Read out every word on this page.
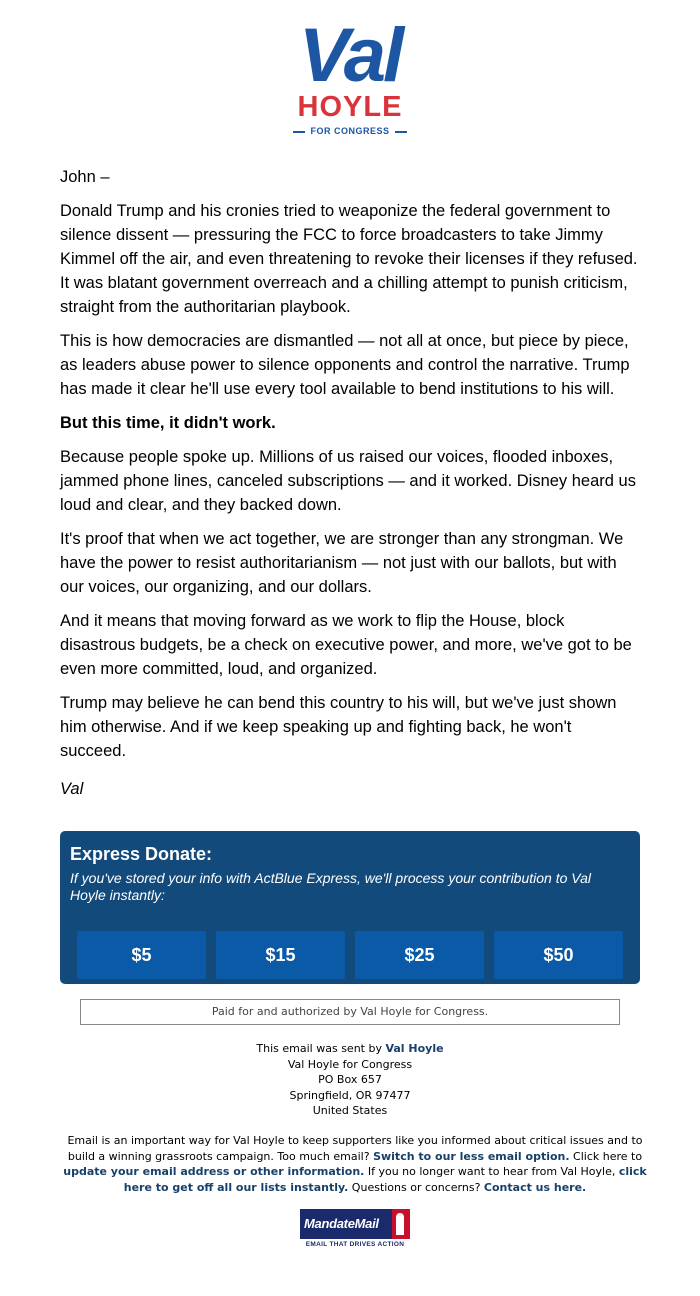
Val
HOYLE
FOR CONGRESS

John –

Donald Trump and his cronies tried to weaponize the federal government to silence dissent — pressuring the FCC to force broadcasters to take Jimmy Kimmel off the air, and even threatening to revoke their licenses if they refused. It was blatant government overreach and a chilling attempt to punish criticism, straight from the authoritarian playbook.

This is how democracies are dismantled — not all at once, but piece by piece, as leaders abuse power to silence opponents and control the narrative. Trump has made it clear he'll use every tool available to bend institutions to his will.

But this time, it didn't work.

Because people spoke up. Millions of us raised our voices, flooded inboxes, jammed phone lines, canceled subscriptions — and it worked. Disney heard us loud and clear, and they backed down.

It's proof that when we act together, we are stronger than any strongman. We have the power to resist authoritarianism — not just with our ballots, but with our voices, our organizing, and our dollars.

And it means that moving forward as we work to flip the House, block disastrous budgets, be a check on executive power, and more, we've got to be even more committed, loud, and organized.

Trump may believe he can bend this country to his will, but we've just shown him otherwise. And if we keep speaking up and fighting back, he won't succeed.

Val

Express Donate:
If you've stored your info with ActBlue Express, we'll process your contribution to Val Hoyle instantly:
$5	$15	$25	$50
Paid for and authorized by Val Hoyle for Congress.
This email was sent by Val Hoyle
Val Hoyle for Congress
PO Box 657
Springfield, OR 97477
United States
Email is an important way for Val Hoyle to keep supporters like you informed about critical issues and to build a winning grassroots campaign. Too much email? Switch to our less email option. Click here to update your email address or other information. If you no longer want to hear from Val Hoyle, click here to get off all our lists instantly. Questions or concerns? Contact us here.
MandateMail
EMAIL THAT DRIVES ACTION
